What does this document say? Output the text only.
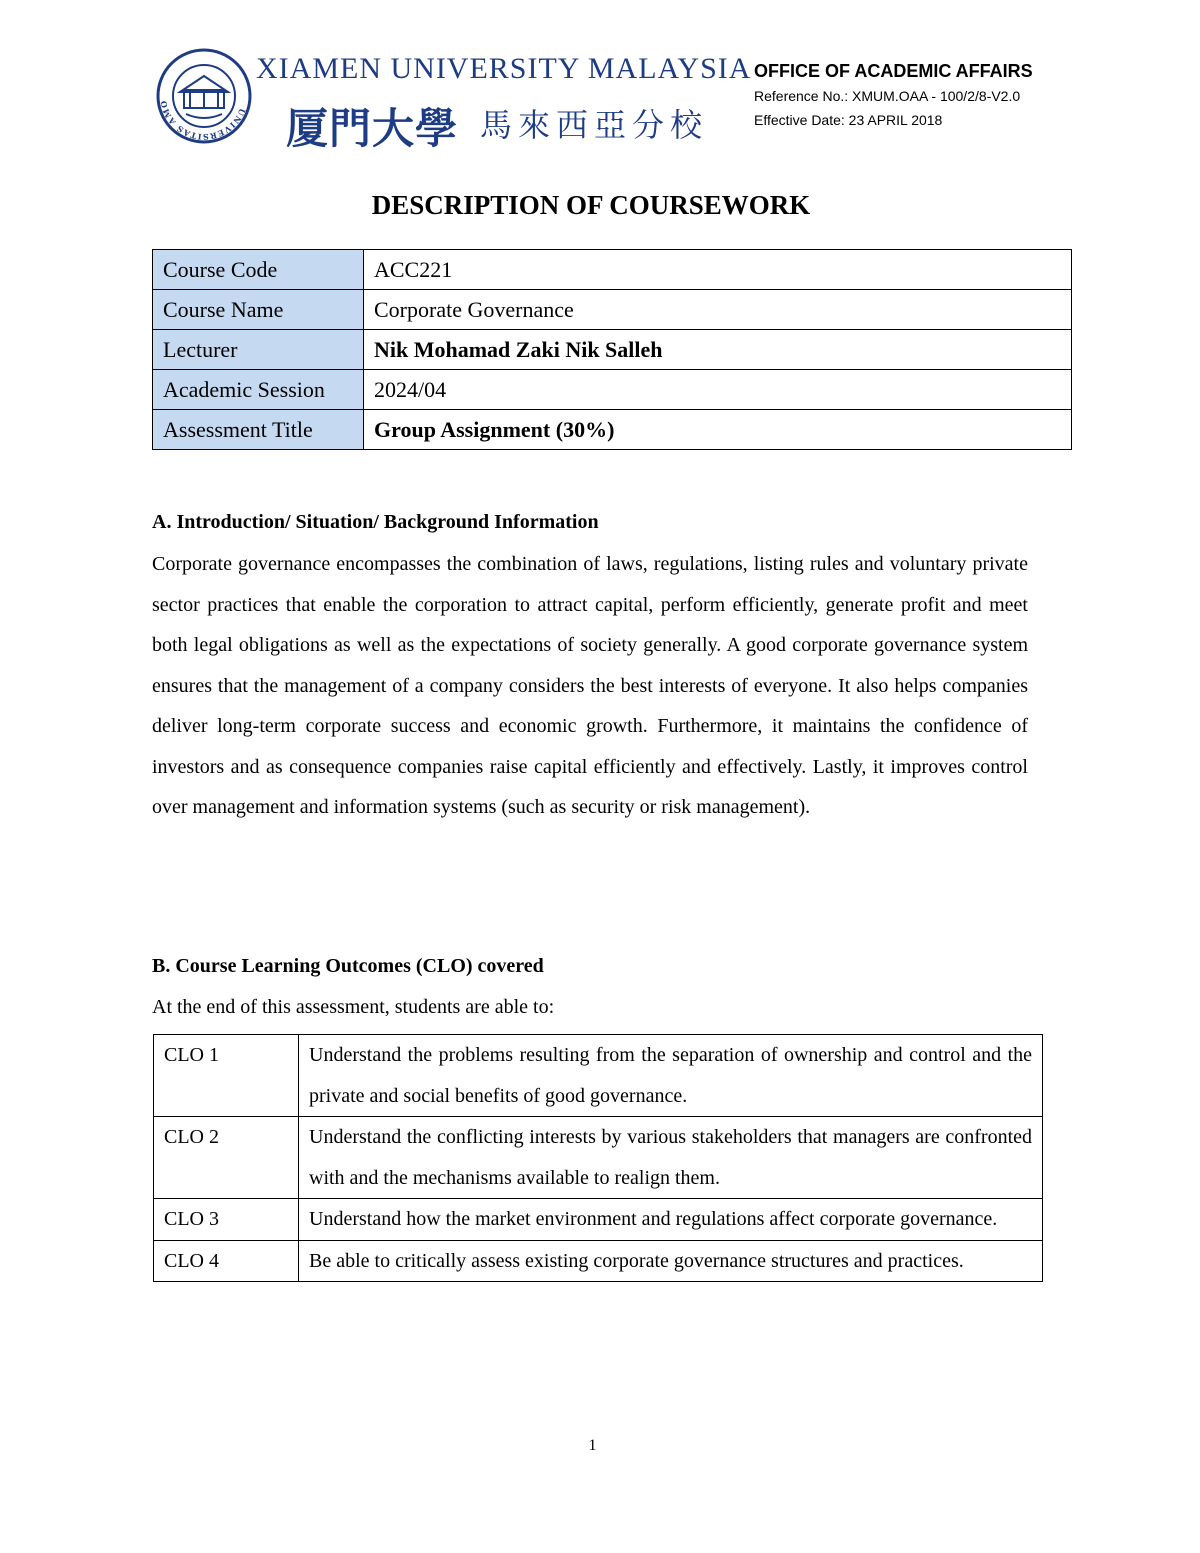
UNIVERSITAS AMO
XIAMEN UNIVERSITY MALAYSIA
厦門大學 馬來西亞分校
OFFICE OF ACADEMIC AFFAIRS
Reference No.: XMUM.OAA - 100/2/8-V2.0
Effective Date: 23 APRIL 2018
DESCRIPTION OF COURSEWORK
Course Code	ACC221
Course Name	Corporate Governance
Lecturer	Nik Mohamad Zaki Nik Salleh
Academic Session	2024/04
Assessment Title	Group Assignment (30%)
A. Introduction/ Situation/ Background Information
Corporate governance encompasses the combination of laws, regulations, listing rules and voluntary private sector practices that enable the corporation to attract capital, perform efficiently, generate profit and meet both legal obligations as well as the expectations of society generally. A good corporate governance system ensures that the management of a company considers the best interests of everyone. It also helps companies deliver long-term corporate success and economic growth. Furthermore, it maintains the confidence of investors and as consequence companies raise capital efficiently and effectively. Lastly, it improves control over management and information systems (such as security or risk management).
B. Course Learning Outcomes (CLO) covered
At the end of this assessment, students are able to:
CLO 1	Understand the problems resulting from the separation of ownership and control and the private and social benefits of good governance.
CLO 2	Understand the conflicting interests by various stakeholders that managers are confronted with and the mechanisms available to realign them.
CLO 3	Understand how the market environment and regulations affect corporate governance.
CLO 4	Be able to critically assess existing corporate governance structures and practices.
1
